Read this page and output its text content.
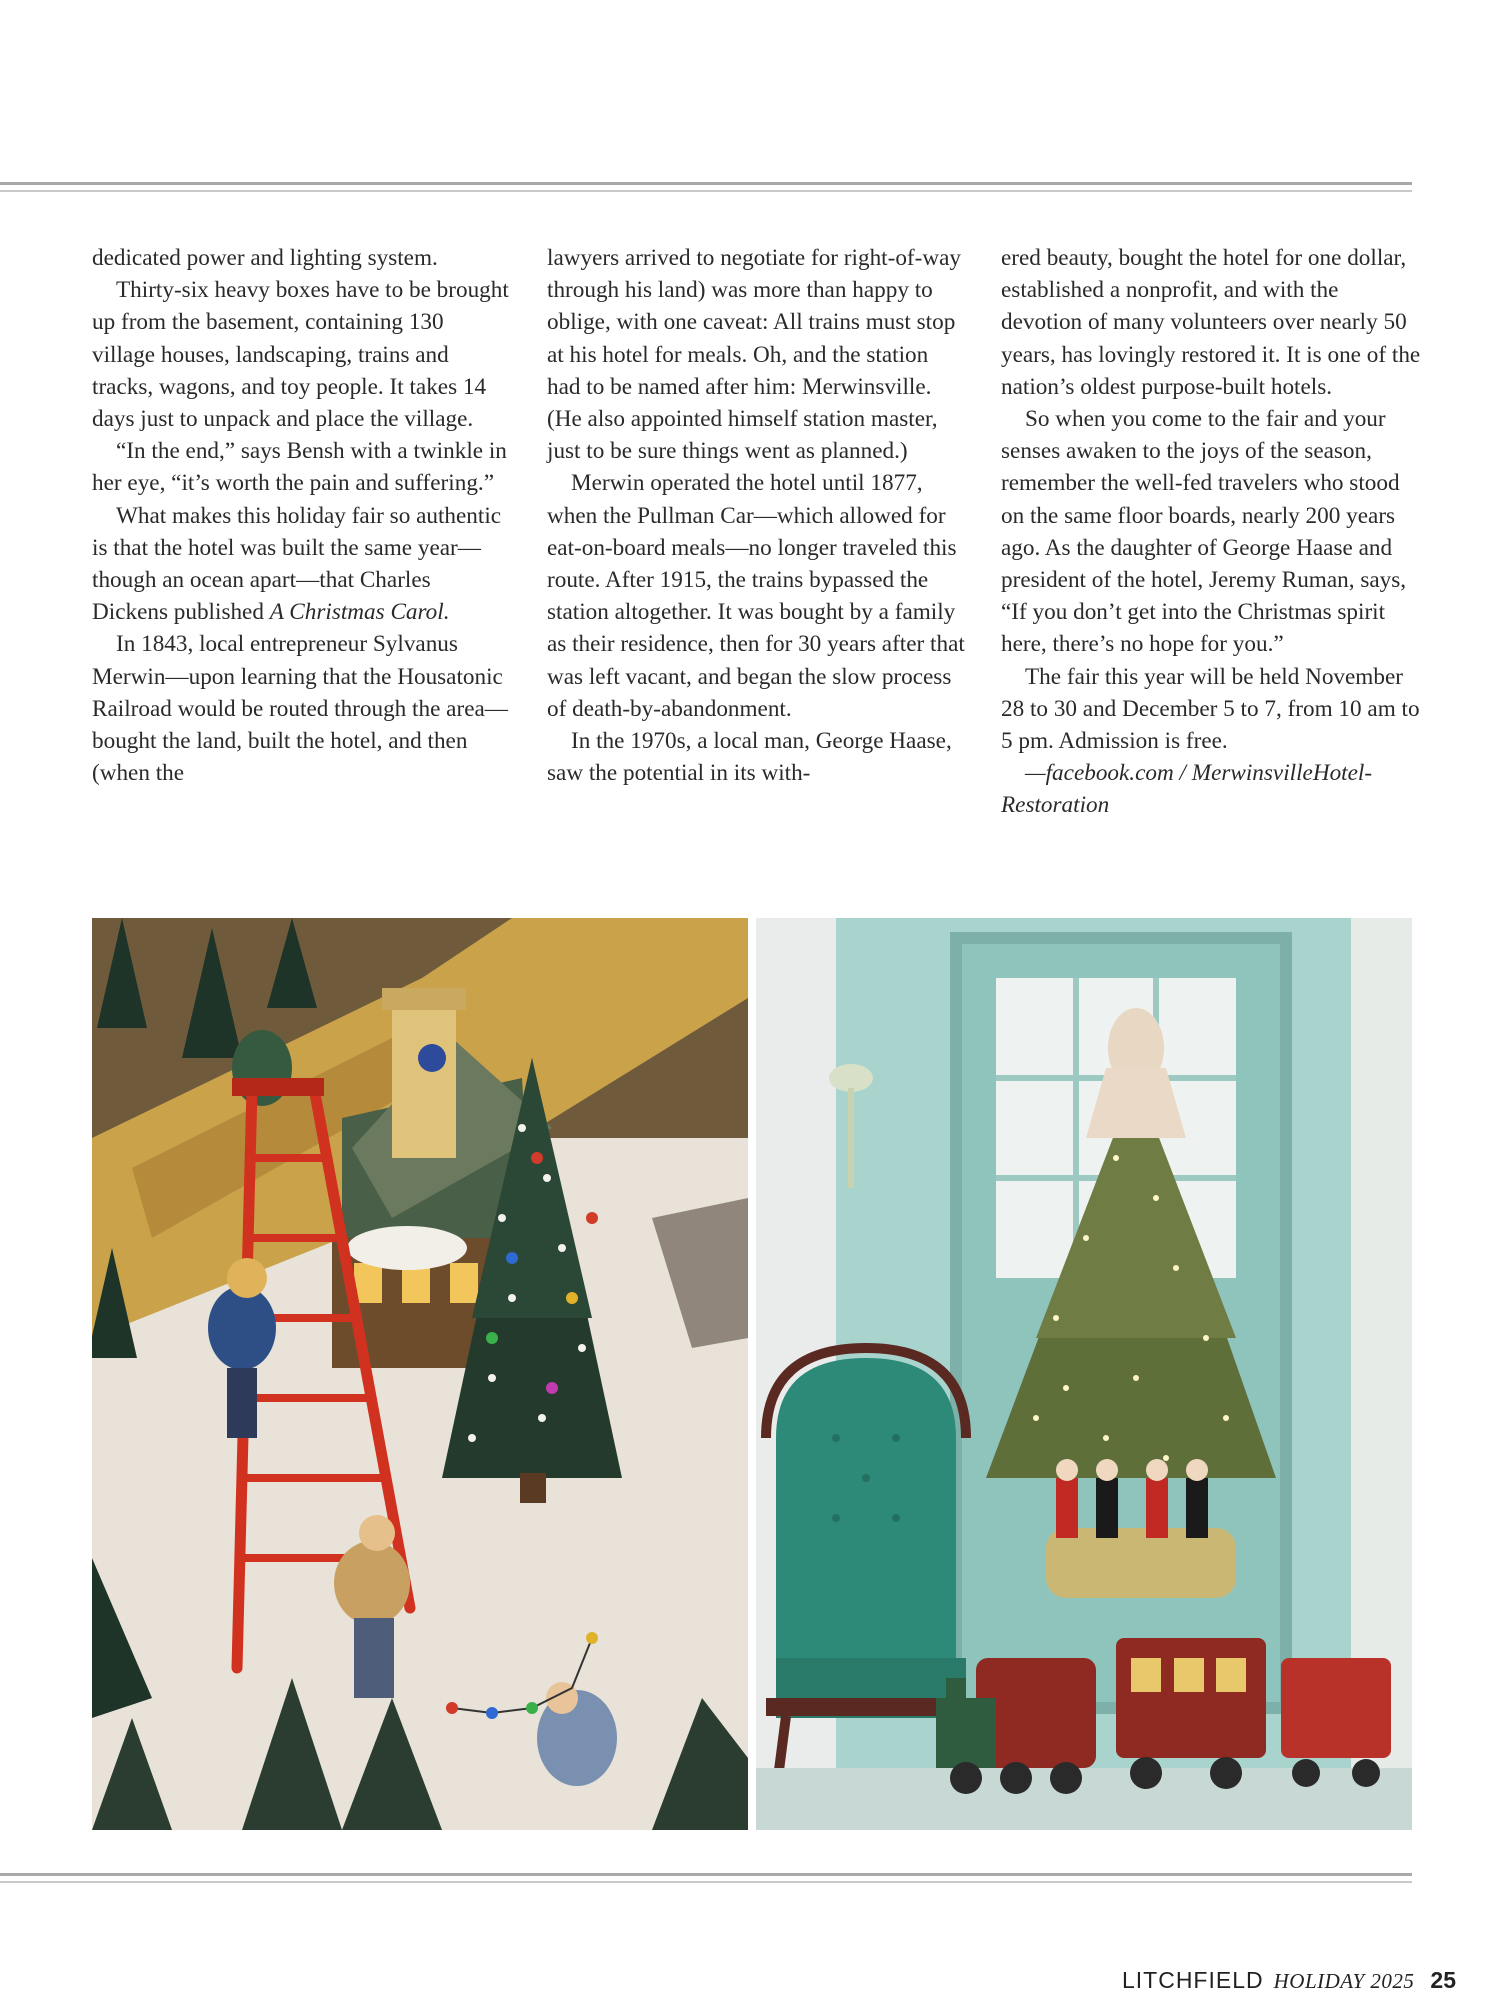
dedicated power and lighting system.

Thirty-six heavy boxes have to be brought up from the basement, containing 130 village houses, landscaping, trains and tracks, wagons, and toy people. It takes 14 days just to unpack and place the village.

“In the end,” says Bensh with a twinkle in her eye, “it’s worth the pain and suffering.”

What makes this holiday fair so authentic is that the hotel was built the same year—though an ocean apart—that Charles Dickens published A Christmas Carol.

In 1843, local entrepreneur Sylvanus Merwin—upon learning that the Housatonic Railroad would be routed through the area—bought the land, built the hotel, and then (when the

lawyers arrived to negotiate for right-of-way through his land) was more than happy to oblige, with one caveat: All trains must stop at his hotel for meals. Oh, and the station had to be named after him: Merwinsville. (He also appointed himself station master, just to be sure things went as planned.)

Merwin operated the hotel until 1877, when the Pullman Car—which allowed for eat-on-board meals—no longer traveled this route. After 1915, the trains bypassed the station altogether. It was bought by a family as their residence, then for 30 years after that was left vacant, and began the slow process of death-by-abandonment.

In the 1970s, a local man, George Haase, saw the potential in its with-

ered beauty, bought the hotel for one dollar, established a nonprofit, and with the devotion of many volunteers over nearly 50 years, has lovingly restored it. It is one of the nation’s oldest purpose-built hotels.

So when you come to the fair and your senses awaken to the joys of the season, remember the well-fed travelers who stood on the same floor boards, nearly 200 years ago. As the daughter of George Haase and president of the hotel, Jeremy Ruman, says, “If you don’t get into the Christmas spirit here, there’s no hope for you.”

The fair this year will be held November 28 to 30 and December 5 to 7, from 10 am to 5 pm. Admission is free.

—facebook.com / MerwinsvilleHotel-

Restoration

LITCHFIELD HOLIDAY 2025 25
